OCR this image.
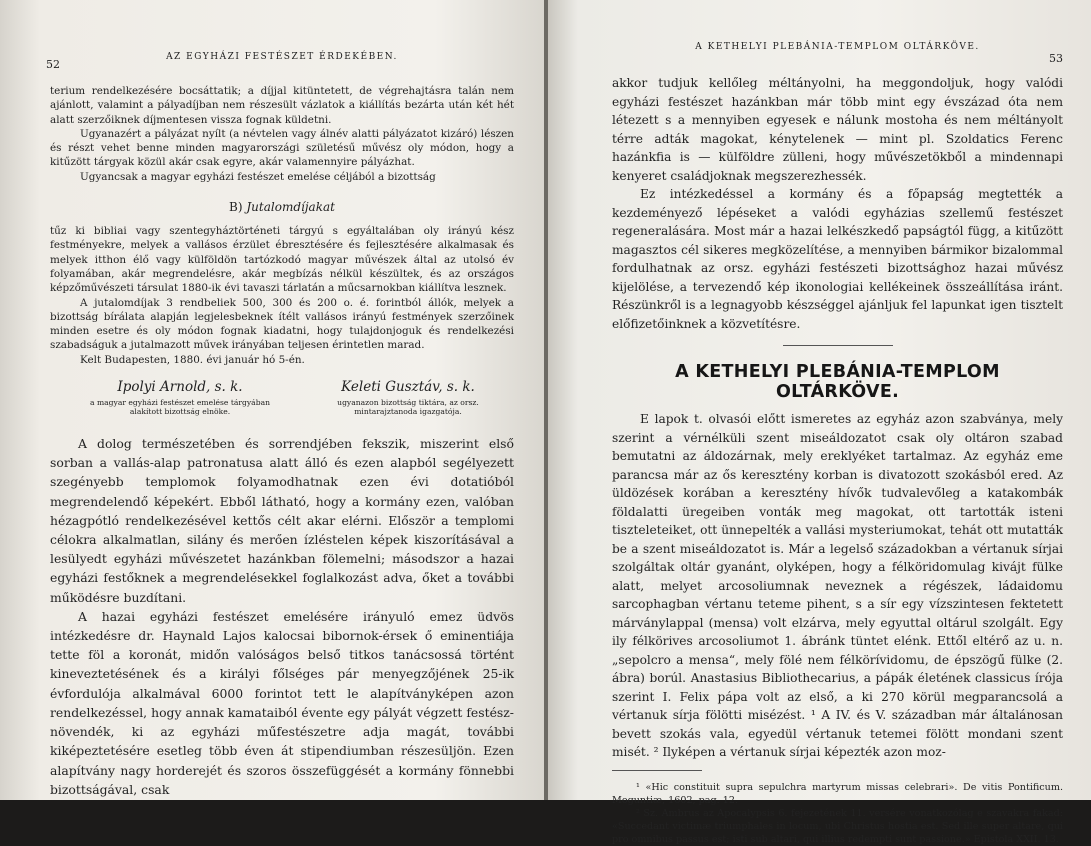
52
AZ EGYHÁZI FESTÉSZET ÉRDEKÉBEN.

terium rendelkezésére bocsáttatik; a díjjal kitüntetett, de végrehajtásra talán nem ajánlott, valamint a pályadíjban nem részesült vázlatok a kiállítás bezárta után két hét alatt szerzőiknek díjmentesen vissza fognak küldetni.

Ugyanazért a pályázat nyílt (a névtelen vagy álnév alatti pályázatot kizáró) lészen és részt vehet benne minden magyarországi születésű művész oly módon, hogy a kitűzött tárgyak közül akár csak egyre, akár valamennyire pályázhat.

Ugyancsak a magyar egyházi festészet emelése céljából a bizottság

B) Jutalomdíjakat

tűz ki bibliai vagy szentegyháztörténeti tárgyú s egyáltalában oly irányú kész festményekre, melyek a vallásos érzület ébresztésére és fejlesztésére alkalmasak és melyek itthon élő vagy külföldön tartózkodó magyar művészek által az utolsó év folyamában, akár megrendelésre, akár megbízás nélkül készültek, és az országos képzőművészeti társulat 1880-ik évi tavaszi tárlatán a műcsarnokban kiállítva lesznek.

A jutalomdíjak 3 rendbeliek 500, 300 és 200 o. é. forintból állók, melyek a bizottság bírálata alapján legjelesbeknek ítélt vallásos irányú festmények szerzőinek minden esetre és oly módon fognak kiadatni, hogy tulajdonjoguk és rendelkezési szabadságuk a jutalmazott művek irányában teljesen érintetlen marad.

Kelt Budapesten, 1880. évi január hó 5-én.

Ipolyi Arnold, s. k.
a magyar egyházi festészet emelése tárgyában alakított bizottság elnöke.
Keleti Gusztáv, s. k.
ugyanazon bizottság tiktára, az orsz. mintarajztanoda igazgatója.

A dolog természetében és sorrendjében fekszik, miszerint első sorban a vallás-alap patronatusa alatt álló és ezen alapból segélyezett szegényebb templomok folyamodhatnak ezen évi dotatióból megrendelendő képekért. Ebből látható, hogy a kormány ezen, valóban hézagpótló rendelkezésével kettős célt akar elérni. Először a templomi célokra alkalmatlan, silány és merően ízléstelen képek kiszorításával a lesülyedt egyházi művészetet hazánkban fölemelni; másodszor a hazai egyházi festőknek a megrendelésekkel foglalkozást adva, őket a további működésre buzdítani.

A hazai egyházi festészet emelésére irányuló emez üdvös intézkedésre dr. Haynald Lajos kalocsai bibornok-érsek ő eminentiája tette föl a koronát, midőn valóságos belső titkos tanácsossá történt kineveztetésének és a királyi főlséges pár menyegzőjének 25-ik évfordulója alkalmával 6000 forintot tett le alapítványképen azon rendelkezéssel, hogy annak kamataiból évente egy pályát végzett festész-növendék, ki az egyházi műfestészetre adja magát, további kiképeztetésére esetleg több éven át stipendiumban részesüljön. Ezen alapítvány nagy horderejét és szoros összefüggését a kormány fönnebbi bizottságával, csak

A KETHELYI PLEBÁNIA-TEMPLOM OLTÁRKÖVE.
53

akkor tudjuk kellőleg méltányolni, ha meggondoljuk, hogy valódi egyházi festészet hazánkban már több mint egy évszázad óta nem létezett s a mennyiben egyesek e nálunk mostoha és nem méltányolt térre adták magokat, kénytelenek — mint pl. Szoldatics Ferenc hazánkfia is — külföldre zülleni, hogy művészetökből a mindennapi kenyeret családjoknak megszerezhessék.

Ez intézkedéssel a kormány és a főpapság megtették a kezdeményező lépéseket a valódi egyházias szellemű festészet regeneralására. Most már a hazai lelkészkedő papságtól függ, a kitűzött magasztos cél sikeres megközelítése, a mennyiben bármikor bizalommal fordulhatnak az orsz. egyházi festészeti bizottsághoz hazai művész kijelölése, a tervezendő kép ikonologiai kellékeinek összeállítása iránt. Részünkről is a legnagyobb készséggel ajánljuk fel lapunkat igen tisztelt előfizetőinknek a közvetítésre.

A KETHELYI PLEBÁNIA-TEMPLOM OLTÁRKÖVE.

E lapok t. olvasói előtt ismeretes az egyház azon szabványa, mely szerint a vérnélküli szent miseáldozatot csak oly oltáron szabad bemutatni az áldozárnak, mely ereklyéket tartalmaz. Az egyház eme parancsa már az ős keresztény korban is divatozott szokásból ered. Az üldözések korában a keresztény hívők tudvalevőleg a katakombák földalatti üregeiben vonták meg magokat, ott tartották isteni tiszteleteiket, ott ünnepelték a vallási mysteriumokat, tehát ott mutatták be a szent miseáldozatot is. Már a legelső századokban a vértanuk sírjai szolgáltak oltár gyanánt, olyképen, hogy a félköridomulag kivájt fülke alatt, melyet arcosoliumnak neveznek a régészek, ládaidomu sarcophagban vértanu teteme pihent, s a sír egy vízszintesen fektetett márványlappal (mensa) volt elzárva, mely egyuttal oltárul szolgált. Egy ily félkörives arcosoliumot 1. ábránk tüntet elénk. Ettől eltérő az u. n. „sepolcro a mensa“, mely fölé nem félkörívidomu, de épszögű fülke (2. ábra) borúl. Anastasius Bibliothecarius, a pápák életének classicus írója szerint I. Felix pápa volt az első, a ki 270 körül megparancsolá a vértanuk sírja fölötti misézést. ¹ A IV. és V. században már általánosan bevett szokás vala, egyedül vértanuk tetemei fölött mondani szent misét. ² Ilyképen a vértanuk sírjai képezték azon moz-

¹ «Hic constituit supra sepulchra martyrum missas celebrari». De vitis Pontificum. Moguntiæ, 1602, pag. 12.

² Sz. Ambrus az Apocalypsis 6. fejezetének 11. versére vonatkozólag e szavakra fakad: «Succedant victimæ triumphales in locum, ubi Christus hostia est. Sed ille super altare, qui pro omnibus passus est; isti sub altari, qui illius redempti sunt passione.» Epistola XXII. 13.
